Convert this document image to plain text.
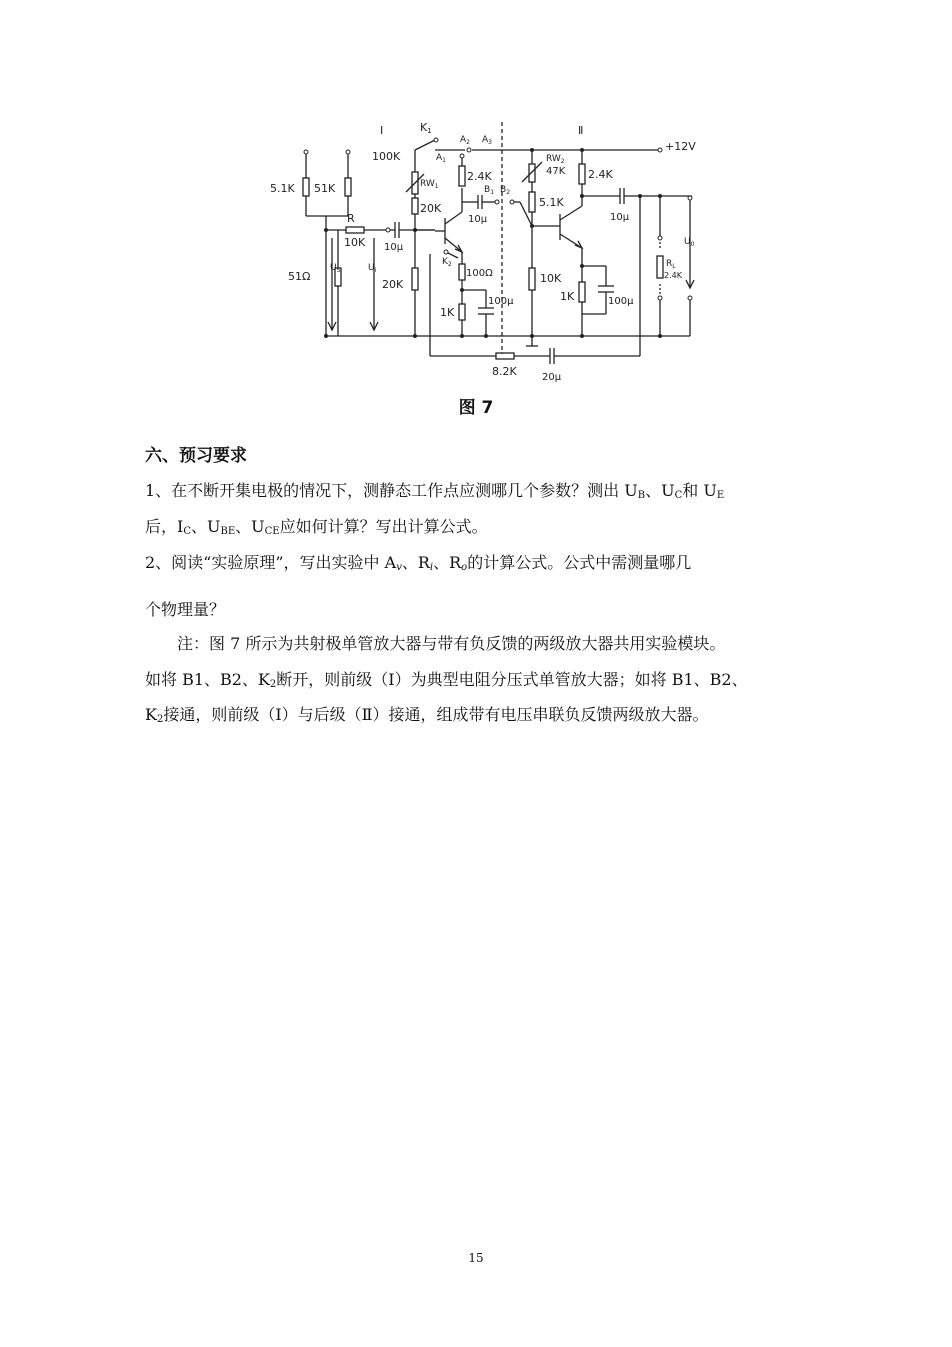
Ⅰ	Ⅱ
K1
$A_1$
$A_2$ $A_3$
$B_1$ $B_2$
+12V
100K
$RW_1$
2.4K
20K
10μ
$RW_2$
47K 2.4K
5.1K
10μ
5.1K 51K
R
10K 10μ
51Ω
$U_S$	$U_i$
20K
$K_2$
100Ω
1K
100μ
10K
1K	100μ
$R_L$
2.4K
$U_0$
8.2K	20μ
图 7
六、预习要求
1、在不断开集电极的情况下，测静态工作点应测哪几个参数？测出 $U_B$、$U_C$和 $U_E$
后，$I_C$、$U_{BE}$、$U_{CE}$应如何计算？写出计算公式。
2、阅读“实验原理”，写出实验中 $A_v$、$R_i$、$R_o$的计算公式。公式中需测量哪几
个物理量？
注：图 7 所示为共射极单管放大器与带有负反馈的两级放大器共用实验模块。
如将 B1、B2、$K_2$断开，则前级（Ⅰ）为典型电阻分压式单管放大器；如将 B1、B2、
$K_2$接通，则前级（Ⅰ）与后级（Ⅱ）接通，组成带有电压串联负反馈两级放大器。
15
